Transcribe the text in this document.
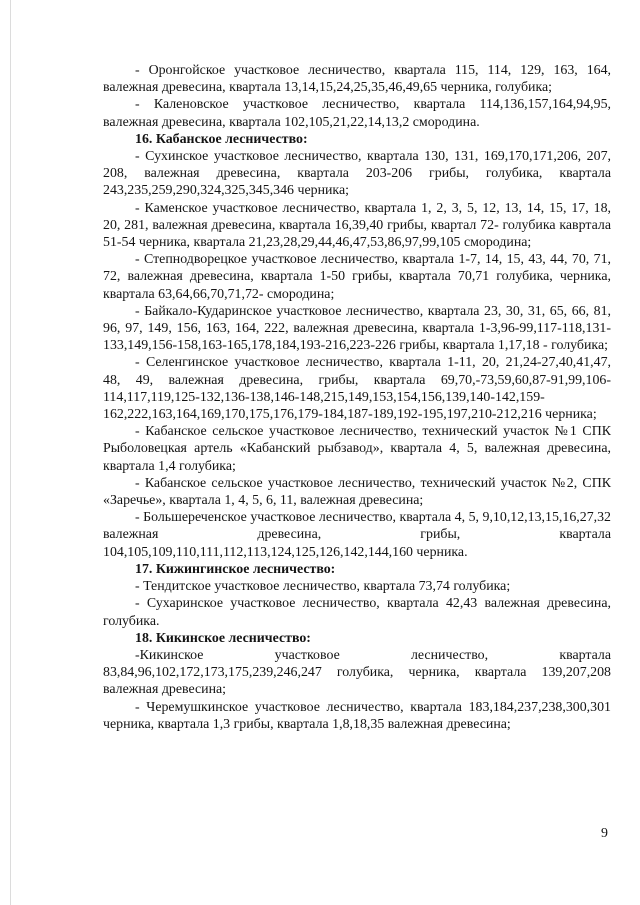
- Оронгойское участковое лесничество, квартала 115, 114, 129, 163, 164, валежная древесина, квартала 13,14,15,24,25,35,46,49,65 черника, голубика;

- Каленовское участковое лесничество, квартала 114,136,157,164,94,95, валежная древесина, квартала 102,105,21,22,14,13,2 смородина.

16. Кабанское лесничество:

- Сухинское участковое лесничество, квартала 130, 131, 169,170,171,206, 207, 208, валежная древесина, квартала 203-206 грибы, голубика, квартала 243,235,259,290,324,325,345,346 черника;

- Каменское участковое лесничество, квартала 1, 2, 3, 5, 12, 13, 14, 15, 17, 18, 20, 281, валежная древесина, квартала 16,39,40 грибы, квартал 72- голубика кавртала 51-54 черника, квартала 21,23,28,29,44,46,47,53,86,97,99,105 смородина;

- Степнодворецкое участковое лесничество, квартала 1-7, 14, 15, 43, 44, 70, 71, 72, валежная древесина, квартала 1-50 грибы, квартала 70,71 голубика, черника, квартала 63,64,66,70,71,72- смородина;

- Байкало-Кударинское участковое лесничество, квартала 23, 30, 31, 65, 66, 81, 96, 97, 149, 156, 163, 164, 222, валежная древесина, квартала 1-3,96-99,117-118,131-133,149,156-158,163-165,178,184,193-216,223-226 грибы, квартала 1,17,18 - голубика;

- Селенгинское участковое лесничество, квартала 1-11, 20, 21,24-27,40,41,47, 48, 49, валежная древесина, грибы, квартала 69,70,-73,59,60,87-91,99,106-114,117,119,125-132,136-138,146-148,215,149,153,154,156,139,140-142,159-162,222,163,164,169,170,175,176,179-184,187-189,192-195,197,210-212,216 черника;

- Кабанское сельское участковое лесничество, технический участок №1 СПК Рыболовецкая артель «Кабанский рыбзавод», квартала 4, 5, валежная древесина, квартала 1,4 голубика;

- Кабанское сельское участковое лесничество, технический участок №2, СПК «Заречье», квартала 1, 4, 5, 6, 11, валежная древесина;

- Большереченское участковое лесничество, квартала 4, 5, 9,10,12,13,15,16,27,32 валежная древесина, грибы, квартала 104,105,109,110,111,112,113,124,125,126,142,144,160 черника.

17. Кижингинское лесничество:

- Тендитское участковое лесничество, квартала 73,74 голубика;

- Сухаринское участковое лесничество, квартала 42,43 валежная древесина, голубика.

18. Кикинское лесничество:

-Кикинское участковое лесничество, квартала 83,84,96,102,172,173,175,239,246,247 голубика, черника, квартала 139,207,208 валежная древесина;

- Черемушкинское участковое лесничество, квартала 183,184,237,238,300,301 черника, квартала 1,3 грибы, квартала 1,8,18,35 валежная древесина;

9
